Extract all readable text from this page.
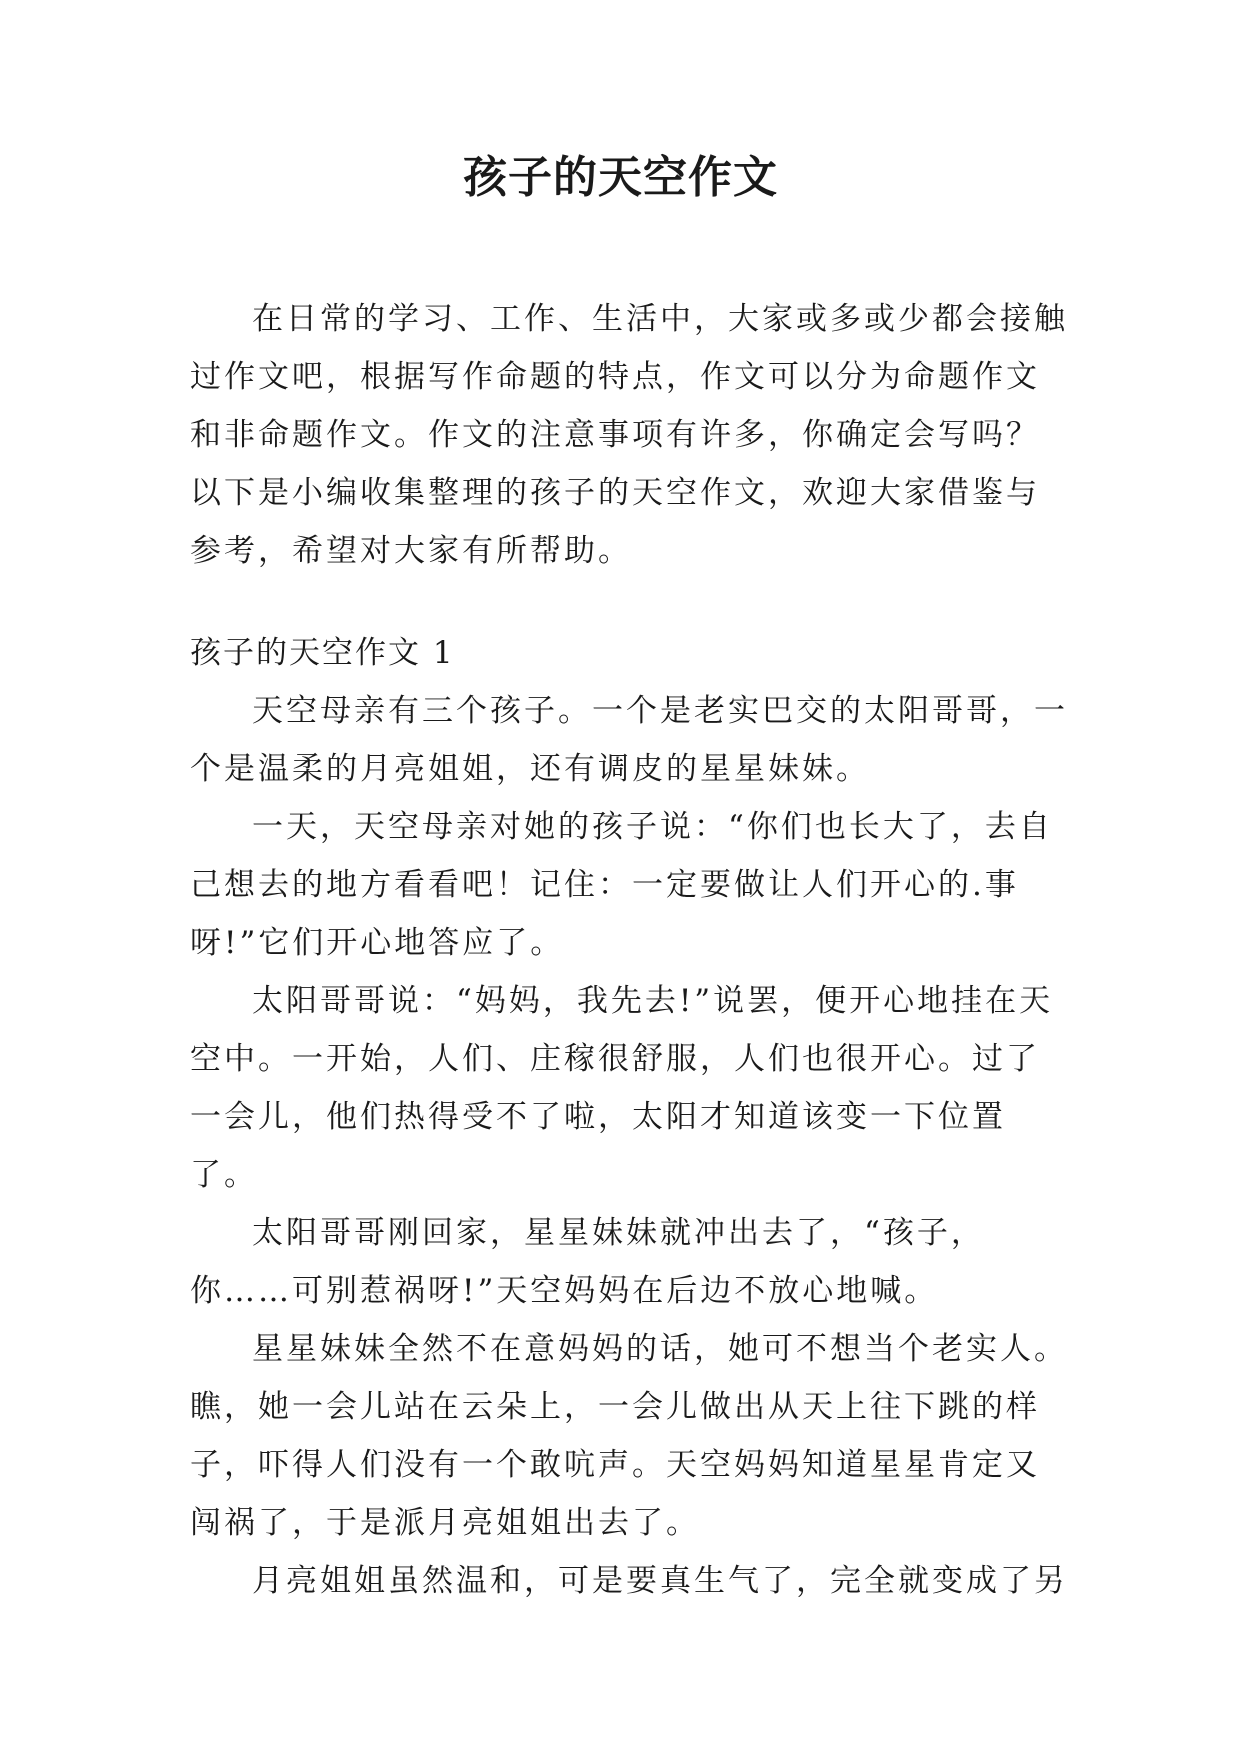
孩子的天空作文

在日常的学习、工作、生活中，大家或多或少都会接触过作文吧，根据写作命题的特点，作文可以分为命题作文和非命题作文。作文的注意事项有许多，你确定会写吗？以下是小编收集整理的孩子的天空作文，欢迎大家借鉴与参考，希望对大家有所帮助。

孩子的天空作文 1

天空母亲有三个孩子。一个是老实巴交的太阳哥哥，一个是温柔的月亮姐姐，还有调皮的星星妹妹。

一天，天空母亲对她的孩子说：“你们也长大了，去自己想去的地方看看吧！记住：一定要做让人们开心的.事呀!”它们开心地答应了。

太阳哥哥说：“妈妈，我先去!”说罢，便开心地挂在天空中。一开始，人们、庄稼很舒服，人们也很开心。过了一会儿，他们热得受不了啦，太阳才知道该变一下位置了。

太阳哥哥刚回家，星星妹妹就冲出去了，“孩子，你……可别惹祸呀!”天空妈妈在后边不放心地喊。

星星妹妹全然不在意妈妈的话，她可不想当个老实人。瞧，她一会儿站在云朵上，一会儿做出从天上往下跳的样子，吓得人们没有一个敢吭声。天空妈妈知道星星肯定又闯祸了，于是派月亮姐姐出去了。

月亮姐姐虽然温和，可是要真生气了，完全就变成了另
